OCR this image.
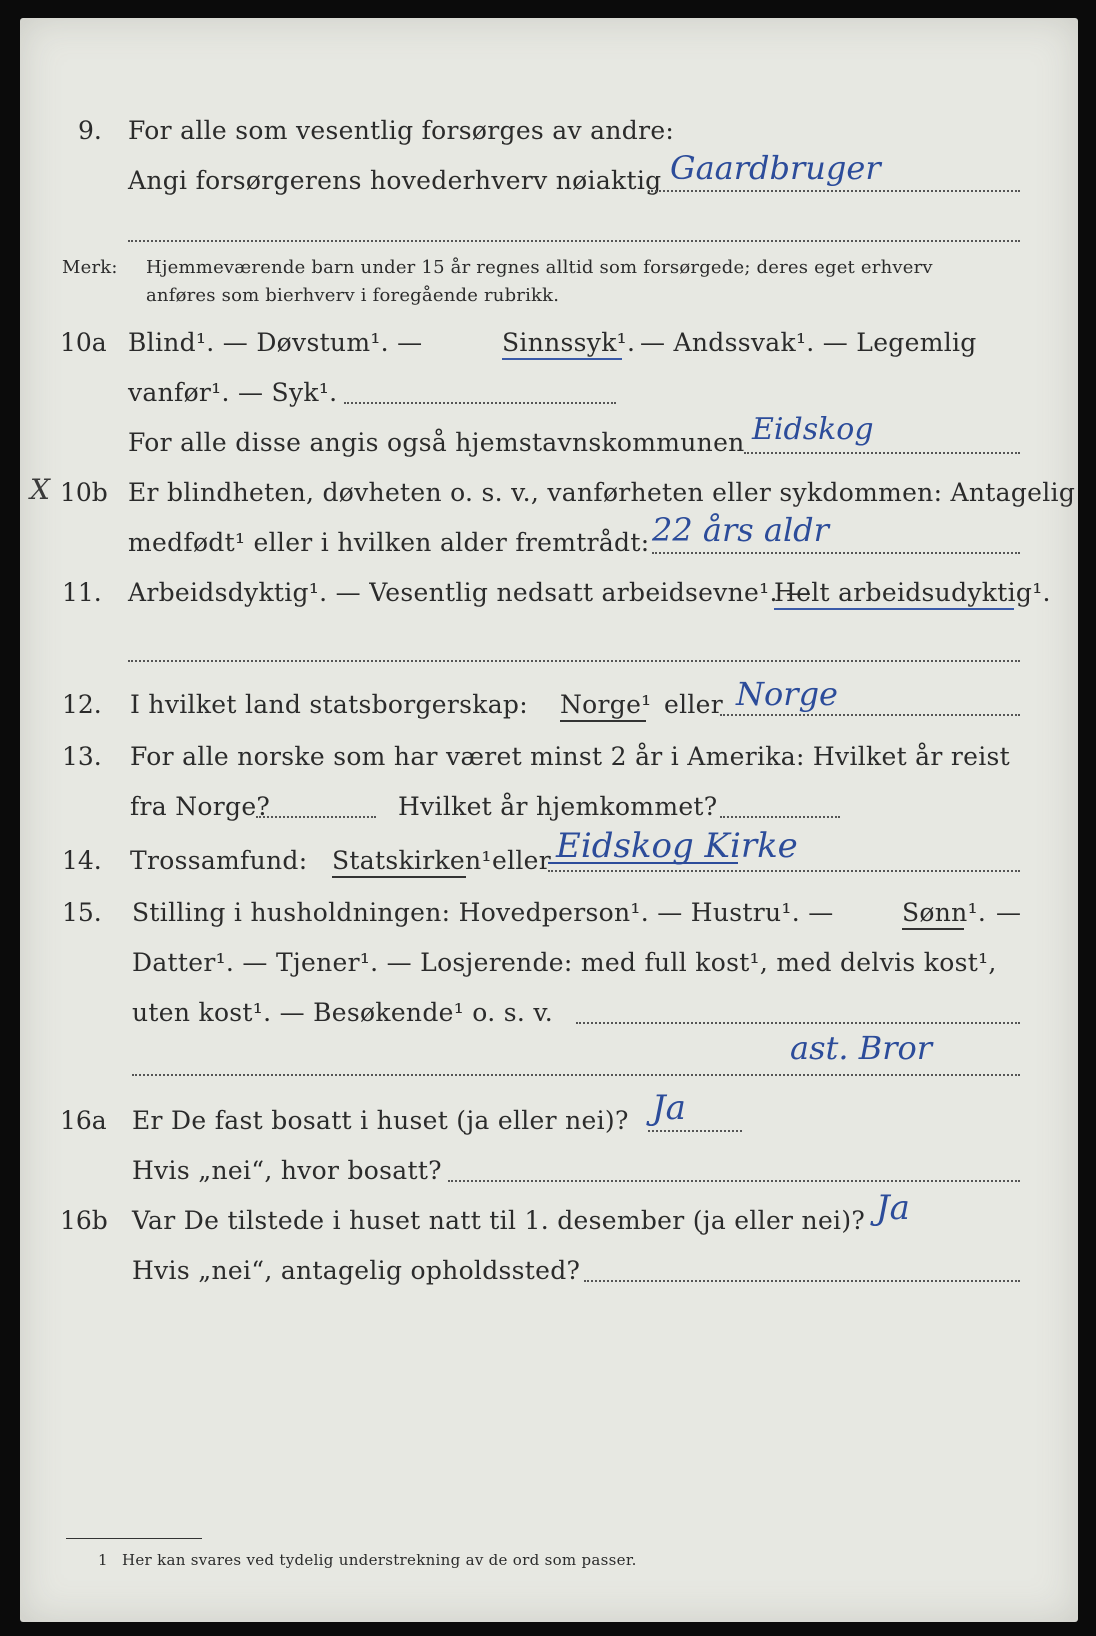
9. For alle som vesentlig forsørges av andre:
Angi forsørgerens hovederhverv nøiaktig Gaardbruger
Merk: Hjemmeværende barn under 15 år regnes alltid som forsørgede; deres eget erhverv
anføres som bierhverv i foregående rubrikk.
10a Blind¹. — Døvstum¹. —	Sinnssyk¹. — Andssvak¹. — Legemlig
vanfør¹. — Syk¹.
For alle disse angis også hjemstavnskommunen Eidskog
X 10b Er blindheten, døvheten o. s. v., vanførheten eller sykdommen: Antagelig
medfødt¹ eller i hvilken alder fremtrådt: 22 års aldr
11. Arbeidsdyktig¹. — Vesentlig nedsatt arbeidsevne¹. —
Helt arbeidsudyktig¹.
12. I hvilket land statsborgerskap: Norge¹ eller Norge
13. For alle norske som har været minst 2 år i Amerika: Hvilket år reist
fra Norge?	Hvilket år hjemkommet?
14. Trossamfund: Statskirken¹ eller Eidskog Kirke
15. Stilling i husholdningen: Hovedperson¹. — Hustru¹. —	Sønn¹. —
Datter¹. — Tjener¹. — Losjerende: med full kost¹, med delvis kost¹,
uten kost¹. — Besøkende¹ o. s. v.
ast. Bror
16a Er De fast bosatt i huset (ja eller nei)? Ja
Hvis „nei“, hvor bosatt?
16b Var De tilstede i huset natt til 1. desember (ja eller nei)? Ja
Hvis „nei“, antagelig opholdssted?
1 Her kan svares ved tydelig understrekning av de ord som passer.
